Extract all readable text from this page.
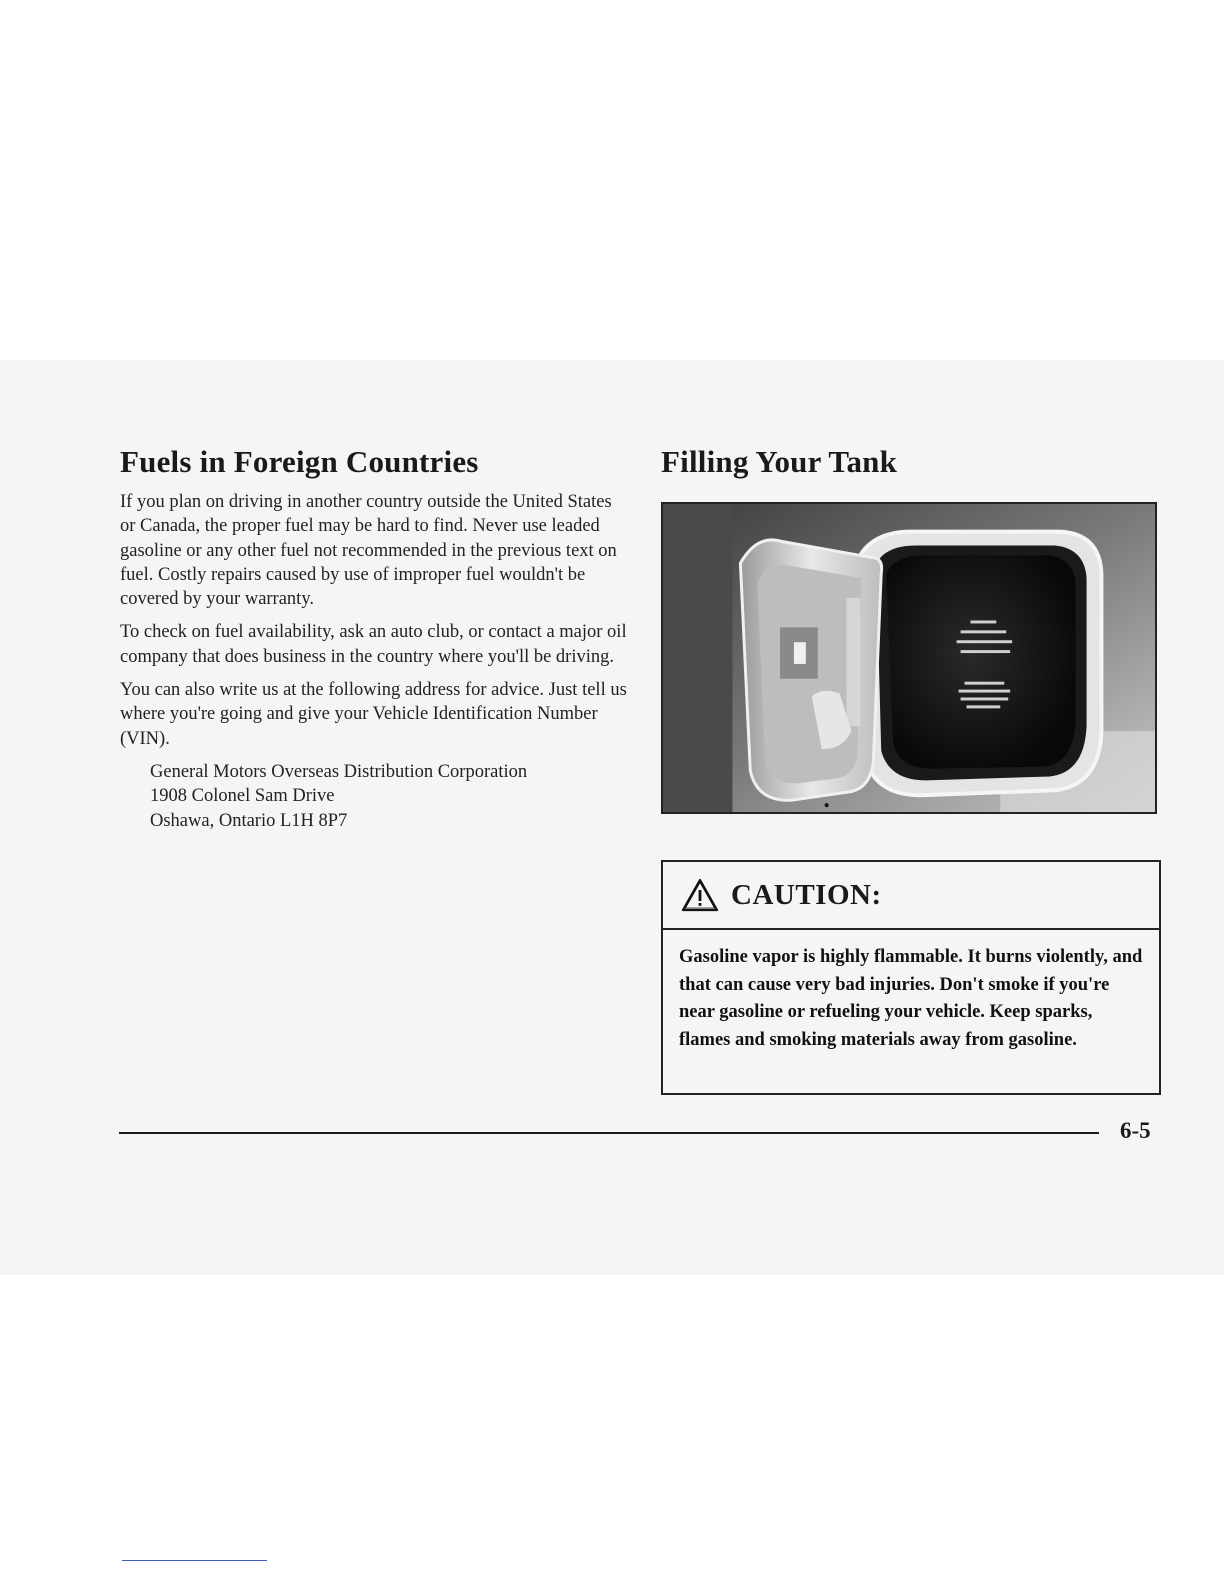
Fuels in Foreign Countries

If you plan on driving in another country outside the United States or Canada, the proper fuel may be hard to find. Never use leaded gasoline or any other fuel not recommended in the previous text on fuel. Costly repairs caused by use of improper fuel wouldn't be covered by your warranty.

To check on fuel availability, ask an auto club, or contact a major oil company that does business in the country where you'll be driving.

You can also write us at the following address for advice. Just tell us where you're going and give your Vehicle Identification Number (VIN).

General Motors Overseas Distribution Corporation
1908 Colonel Sam Drive
Oshawa, Ontario L1H 8P7
Filling Your Tank
CAUTION:
Gasoline vapor is highly flammable. It burns violently, and that can cause very bad injuries. Don't smoke if you're near gasoline or refueling your vehicle. Keep sparks, flames and smoking materials away from gasoline.
6-5
